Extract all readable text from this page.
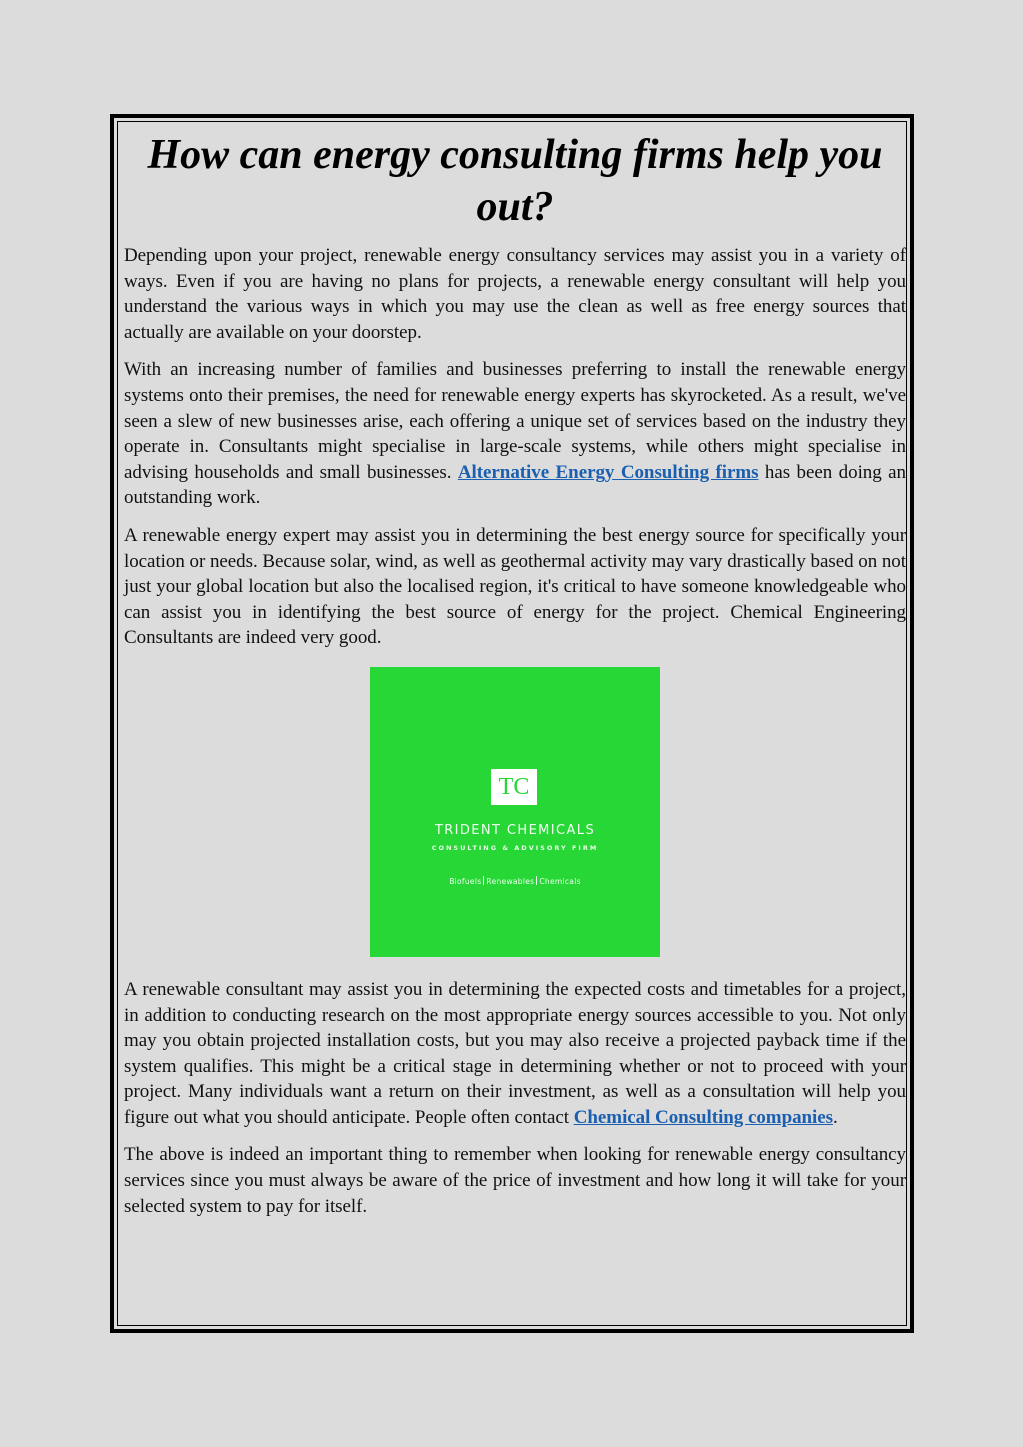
How can energy consulting firms help you out?

Depending upon your project, renewable energy consultancy services may assist you in a variety of ways. Even if you are having no plans for projects, a renewable energy consultant will help you understand the various ways in which you may use the clean as well as free energy sources that actually are available on your doorstep.

With an increasing number of families and businesses preferring to install the renewable energy systems onto their premises, the need for renewable energy experts has skyrocketed. As a result, we've seen a slew of new businesses arise, each offering a unique set of services based on the industry they operate in. Consultants might specialise in large-scale systems, while others might specialise in advising households and small businesses. Alternative Energy Consulting firms has been doing an outstanding work.

A renewable energy expert may assist you in determining the best energy source for specifically your location or needs. Because solar, wind, as well as geothermal activity may vary drastically based on not just your global location but also the localised region, it's critical to have someone knowledgeable who can assist you in identifying the best source of energy for the project. Chemical Engineering Consultants are indeed very good.

TC
TRIDENT CHEMICALS
CONSULTING & ADVISORY FIRM
Biofuels Renewables Chemicals

A renewable consultant may assist you in determining the expected costs and timetables for a project, in addition to conducting research on the most appropriate energy sources accessible to you. Not only may you obtain projected installation costs, but you may also receive a projected payback time if the system qualifies. This might be a critical stage in determining whether or not to proceed with your project. Many individuals want a return on their investment, as well as a consultation will help you figure out what you should anticipate. People often contact Chemical Consulting companies.

The above is indeed an important thing to remember when looking for renewable energy consultancy services since you must always be aware of the price of investment and how long it will take for your selected system to pay for itself.
